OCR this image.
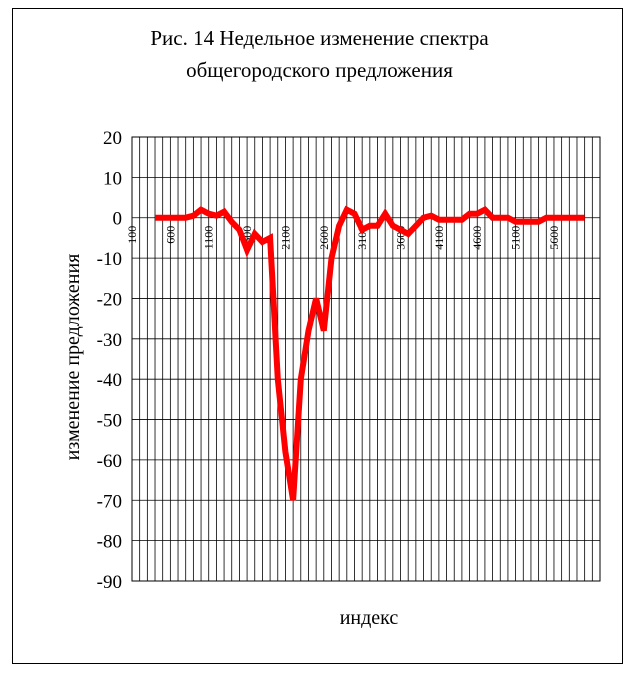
Рис. 14 Недельное изменение спектра
общегородского предложения
20
10
0
-10
-20
-30
-40
-50
-60
-70
-80
-90
100 600 1100 1600 2100 2600 3100 3600 4100 4600 5100 5600
индекс
изменение предложения
